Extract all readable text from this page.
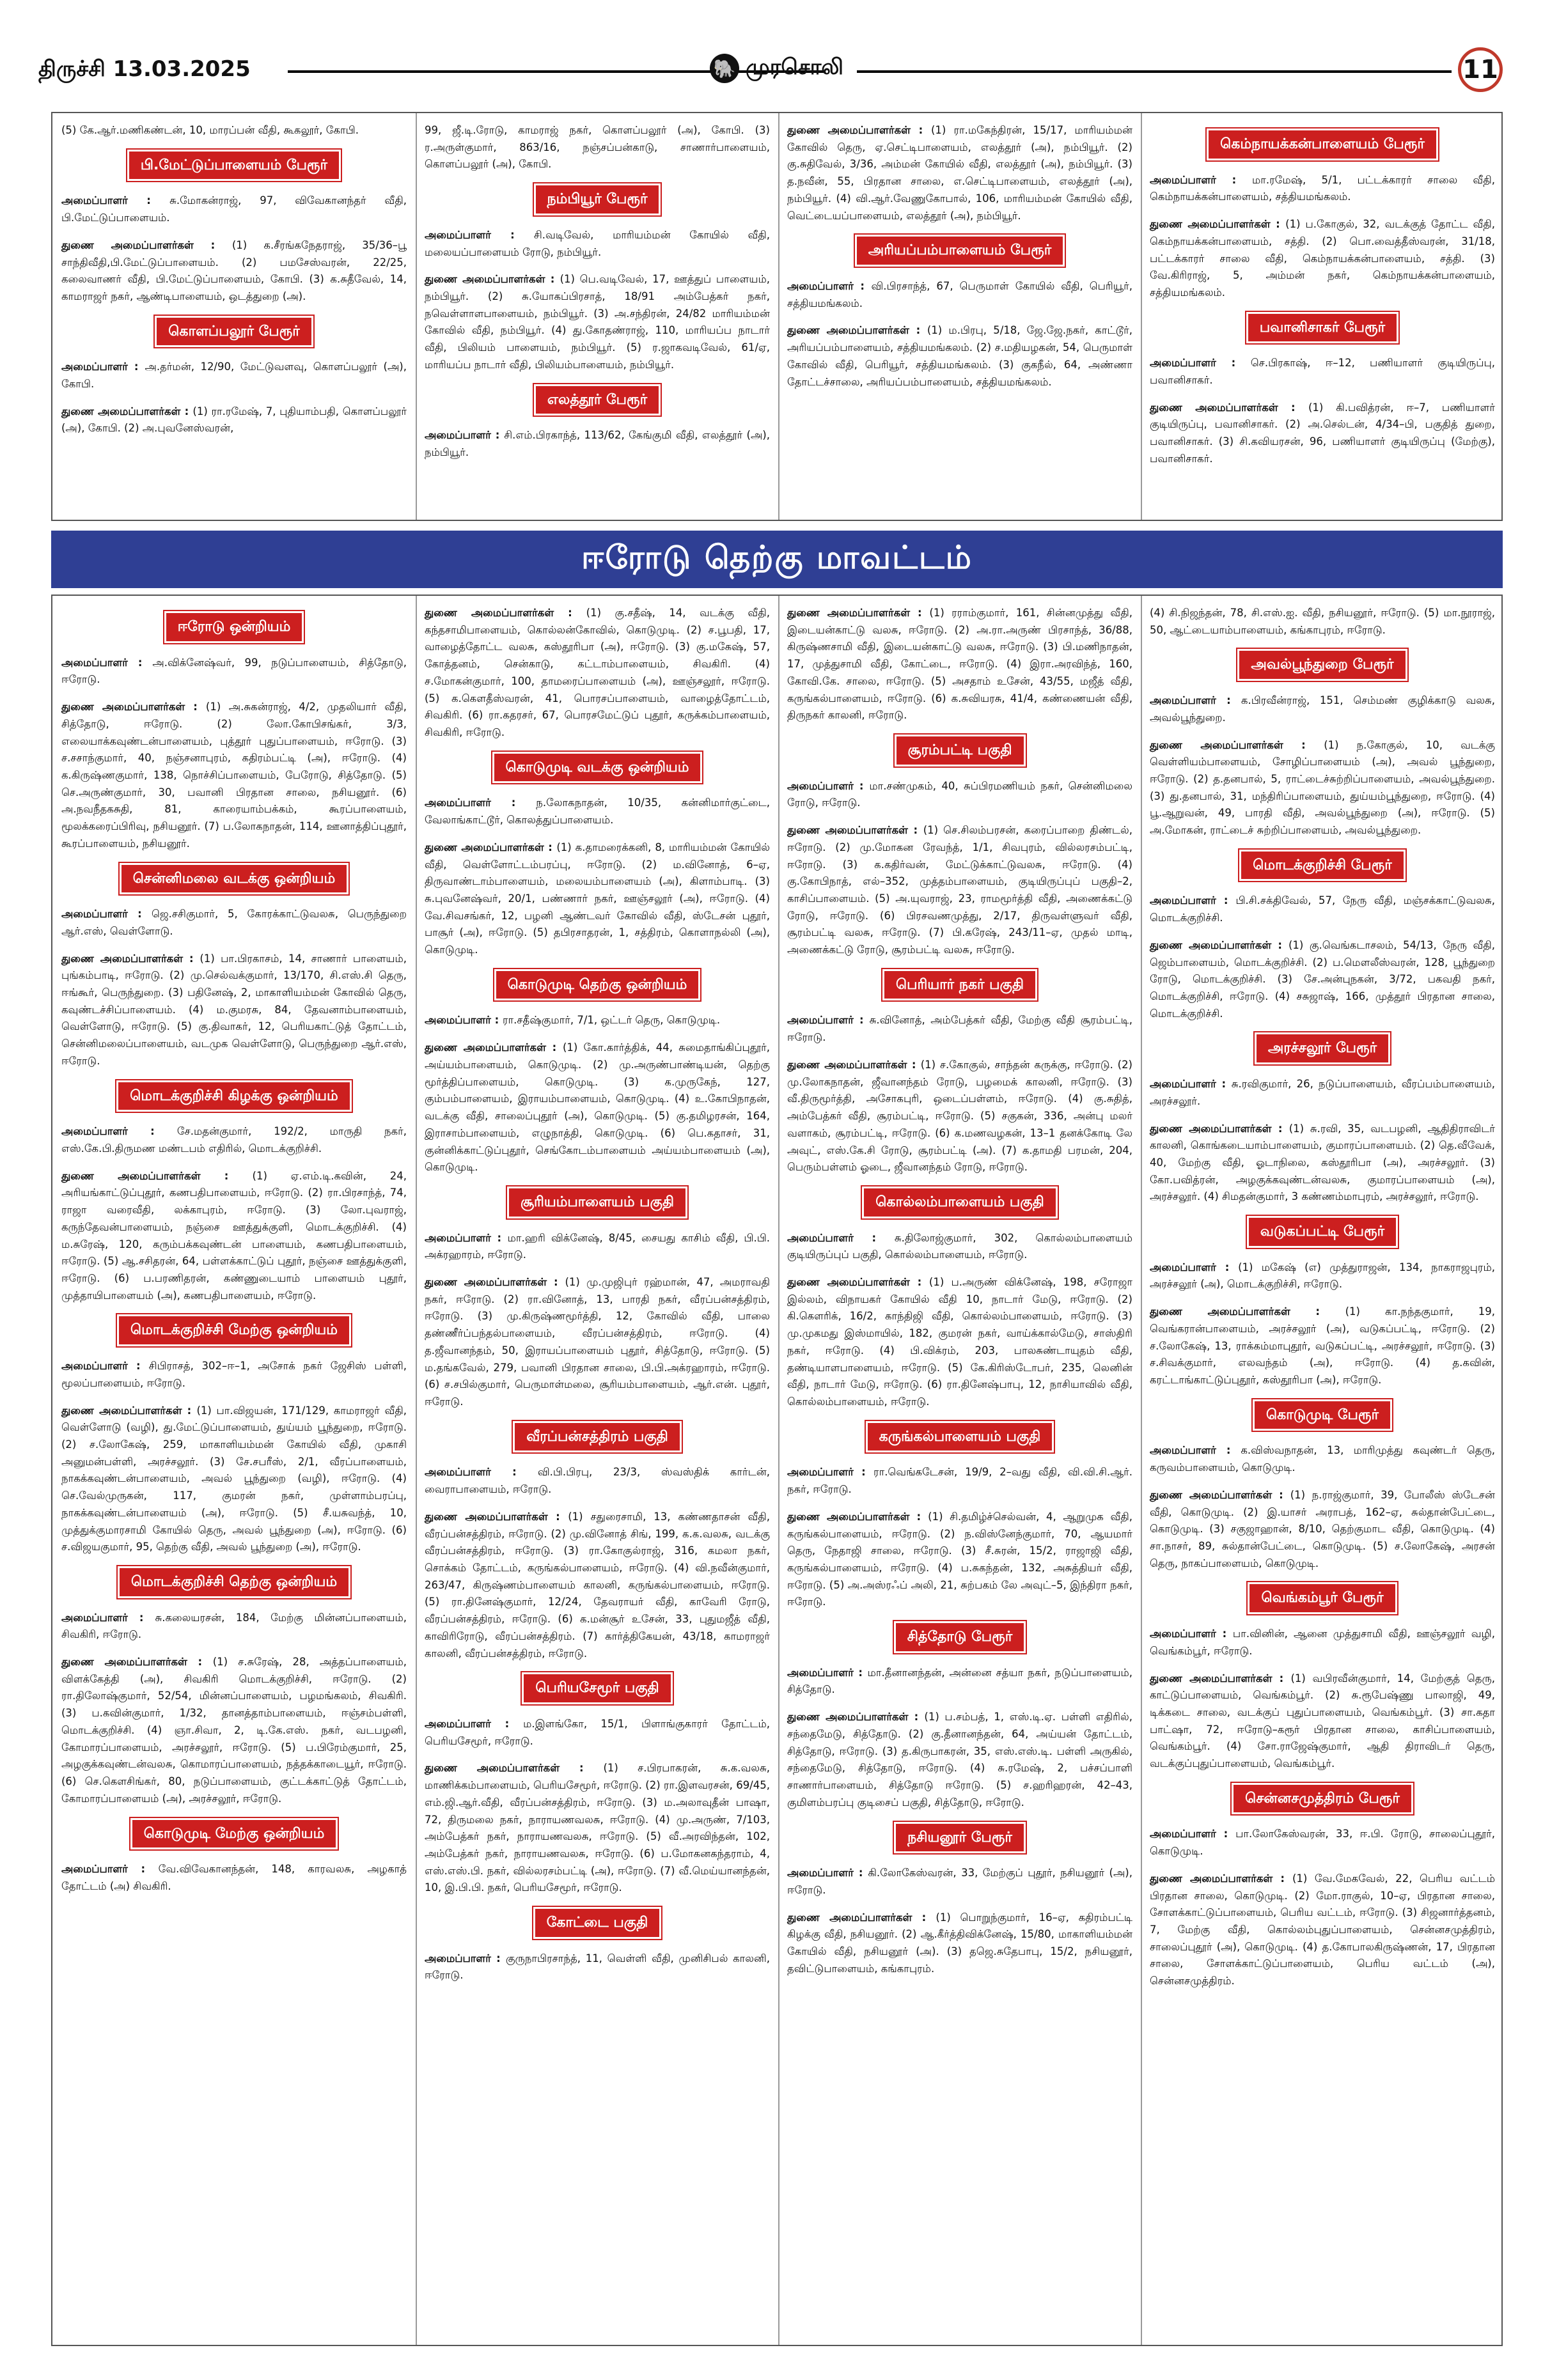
திருச்சி 13.03.2025	🐘 முரசொலி	11

(5) கே.ஆர்.மணிகண்டன், 10, மாரப்பன் வீதி, கூகலூர், கோபி.

பி.மேட்டுப்பாளையம் பேரூர்

அமைப்பாளர் : சு.மோகன்ராஜ், 97, விவேகானந்தர் வீதி, பி.மேட்டுப்பாளையம்.

துணை அமைப்பாளர்கள் : (1) க.சீரங்கநேதராஜ், 35/36–பூ சாந்திவீதி,பி.மேட்டுப்பாளையம். (2) பமசேஸ்வரன், 22/25, கலைவாணர் வீதி, பி.மேட்டுப்பாளையம், கோபி. (3) க.சுதீவேல், 14, காமராஜர் நகர், ஆண்டிபாளையம், ஒடத்துறை (அ).

கொளப்பலூர் பேரூர்

அமைப்பாளர் : அ.தர்மன், 12/90, மேட்டுவளவு, கொளப்பலூர் (அ), கோபி.

துணை அமைப்பாளர்கள் : (1) ரா.ரமேஷ், 7, புதியாம்பதி, கொளப்பலூர் (அ), கோபி. (2) அ.புவனேஸ்வரன்,

99, ஜீ.டி.ரோடு, காமராஜ் நகர், கொளப்பலூர் (அ), கோபி. (3) ர.அருள்குமார், 863/16, நஞ்சப்பன்காடு, சாணார்பாளையம், கொளப்பலூர் (அ), கோபி.

நம்பியூர் பேரூர்

அமைப்பாளர் : சி.வடிவேல், மாரியம்மன் கோயில் வீதி, மலையப்பாளையம் ரோடு, நம்பியூர்.

துணை அமைப்பாளர்கள் : (1) பெ.வடிவேல், 17, ஊத்துப் பாளையம், நம்பியூர். (2) சு.யோகப்பிரசாத், 18/91 அம்பேத்கர் நகர், நவெள்ளாளபாளையம், நம்பியூர். (3) அ.சந்திரன், 24/82 மாரியம்மன் கோவில் வீதி, நம்பியூர். (4) து.கோதண்ராஜ், 110, மாரியப்ப நாடார் வீதி, பிலியம் பாளையம், நம்பியூர். (5) ர.ஜாகவடிவேல், 61/ஏ, மாரியப்ப நாடார் வீதி, பிலியம்பாளையம், நம்பியூர்.

எலத்தூர் பேரூர்

அமைப்பாளர் : சி.எம்.பிரகாந்த், 113/62, கேங்குமி வீதி, எலத்தூர் (அ), நம்பியூர்.

துணை அமைப்பாளர்கள் : (1) ரா.மகேந்திரன், 15/17, மாரியம்மன் கோவில் தெரு, ஏ.செட்டிபாளையம், எலத்தூர் (அ), நம்பியூர். (2) கு.சுதிவேல், 3/36, அம்மன் கோயில் வீதி, எலத்தூர் (அ), நம்பியூர். (3) த.நவீன், 55, பிரதான சாலை, எ.செட்டிபாளையம், எலத்தூர் (அ), நம்பியூர். (4) வி.ஆர்.வேணுகோபால், 106, மாரியம்மன் கோயில் வீதி, வெட்டையப்பாளையம், எலத்தூர் (அ), நம்பியூர்.

அரியப்பம்பாளையம் பேரூர்

அமைப்பாளர் : வி.பிரசாந்த், 67, பெருமாள் கோயில் வீதி, பெரியூர், சத்தியமங்கலம்.

துணை அமைப்பாளர்கள் : (1) ம.பிரபு, 5/18, ஜே.ஜே.நகர், காட்டூர், அரியப்பம்பாளையம், சத்தியமங்கலம். (2) ச.மதியழகன், 54, பெருமாள் கோவில் வீதி, பெரியூர், சத்தியமங்கலம். (3) குகநீல், 64, அண்ணா தோட்டச்சாலை, அரியப்பம்பாளையம், சத்தியமங்கலம்.

கெம்நாயக்கன்பாளையம் பேரூர்

அமைப்பாளர் : மா.ரமேஷ், 5/1, பட்டக்காரர் சாலை வீதி, கெம்நாயக்கன்பாளையம், சத்தியமங்கலம்.

துணை அமைப்பாளர்கள் : (1) ப.கோகுல், 32, வடக்குத் தோட்ட வீதி, கெம்நாயக்கன்பாளையம், சத்தி. (2) பொ.வைத்தீஸ்வரன், 31/18, பட்டக்காரர் சாலை வீதி, கெம்நாயக்கன்பாளையம், சத்தி. (3) வே.கிரிராஜ், 5, அம்மன் நகர், கெம்நாயக்கன்பாளையம், சத்தியமங்கலம்.

பவானிசாகர் பேரூர்

அமைப்பாளர் : செ.பிரகாஷ், ஈ–12, பணியாளர் குடியிருப்பு, பவானிசாகர்.

துணை அமைப்பாளர்கள் : (1) கி.பவித்ரன், ஈ–7, பணியாளர் குடியிருப்பு, பவானிசாகர். (2) அ.செல்டன், 4/34–பி, பகுதித் துறை, பவானிசாகர். (3) சி.கவியரசன், 96, பணியாளர் குடியிருப்பு (மேற்கு), பவானிசாகர்.

ஈரோடு தெற்கு மாவட்டம்
ஈரோடு ஒன்றியம்

அமைப்பாளர் : அ.விக்னேஷ்வர், 99, நடுப்பாளையம், சித்தோடு, ஈரோடு.

துணை அமைப்பாளர்கள் : (1) அ.சுகன்ராஜ், 4/2, முதலியார் வீதி, சித்தோடு, ஈரோடு. (2) லோ.கோபிசங்கர், 3/3, எலையாக்கவுண்டன்பாளையம், புத்தூர் புதுப்பாளையம், ஈரோடு. (3) ச.சசாந்குமார், 40, நஞ்சனாபுரம், கதிரம்பட்டி (அ), ஈரோடு. (4) க.கிருஷ்ணகுமார், 138, நொச்சிப்பாளையம், பேரோடு, சித்தோடு. (5) செ.அருண்குமார், 30, பவானி பிரதான சாலை, நசியனூர். (6) அ.நவநீதகசுதி, 81, காரையாம்பக்கம், கூரப்பாளையம், மூலக்கரைப்பிரிவு, நசியனூர். (7) ப.லோகநாதன், 114, ஊனாத்திப்புதூர், கூரப்பாளையம், நசியனூர்.

சென்னிமலை வடக்கு ஒன்றியம்

அமைப்பாளர் : ஜெ.சசிகுமார், 5, கோரக்காட்டுவலசு, பெருந்துறை ஆர்.எஸ், வெள்ளோடு.

துணை அமைப்பாளர்கள் : (1) பா.பிரகாசம், 14, சாணார் பாளையம், புங்கம்பாடி, ஈரோடு. (2) மு.செல்வக்குமார், 13/170, சி.எஸ்.சி தெரு, ஈங்கூர், பெருந்துறை. (3) பதினேஷ், 2, மாகாளியம்மன் கோவில் தெரு, கவுண்டச்சிப்பாளையம். (4) ம.குமரசு, 84, தேவனாம்பாளையம், வெள்ளோடு, ஈரோடு. (5) கு.திவாகர், 12, பெரியகாட்டுத் தோட்டம், சென்னிமலைப்பாளையம், வடமுக வெள்ளோடு, பெருந்துறை ஆர்.எஸ், ஈரோடு.

மொடக்குறிச்சி கிழக்கு ஒன்றியம்

அமைப்பாளர் : சே.மதன்குமார், 192/2, மாருதி நகர், எஸ்.கே.பி.திருமண மண்டபம் எதிரில், மொடக்குறிச்சி.

துணை அமைப்பாளர்கள் : (1) ஏ.எம்.டி.கவின், 24, அரியங்காட்டுப்புதூர், கணபதிபாளையம், ஈரோடு. (2) ரா.பிரசாந்த், 74, ராஜா வரைவீதி, லக்காபுரம், ஈரோடு. (3) லோ.புவராஜ், கருந்தேவன்பாளையம், நஞ்சை ஊத்துக்குளி, மொடக்குறிச்சி. (4) ம.சுரேஷ், 120, கரும்பக்கவுண்டன் பாளையம், கணபதிபாளையம், ஈரோடு. (5) ஆ.சசிதரன், 64, பள்ளக்காட்டுப் புதூர், நஞ்சை ஊத்துக்குளி, ஈரோடு. (6) ப.பரணிதரன், கண்ணுடையாம் பாளையம் புதூர், முத்தாயிபாளையம் (அ), கணபதிபாளையம், ஈரோடு.

மொடக்குறிச்சி மேற்கு ஒன்றியம்

அமைப்பாளர் : சிபிராசத், 302–ஈ–1, அசோக் நகர் ஜேசிஸ் பள்ளி, மூலப்பாளையம், ஈரோடு.

துணை அமைப்பாளர்கள் : (1) பா.விஜயன், 171/129, காமராஜர் வீதி, வெள்ளோடு (வழி), து.மேட்டுப்பாளையம், துய்யம் பூந்துறை, ஈரோடு. (2) ச.லோகேஷ், 259, மாகாளியம்மன் கோயில் வீதி, முகாசி அனுமன்பள்ளி, அரச்சலூர். (3) சே.சபரீஸ், 2/1, வீரப்பாளையம், நாகக்கவுண்டன்பாளையம், அவல் பூந்துறை (வழி), ஈரோடு. (4) செ.வேல்முருகன், 117, குமரன் நகர், முள்ளாம்பரப்பு, நாகக்கவுண்டன்பாளையம் (அ), ஈரோடு. (5) சீ.யசுவந்த், 10, முத்துக்குமாரசாமி கோயில் தெரு, அவல் பூந்துறை (அ), ஈரோடு. (6) ச.விஜயகுமார், 95, தெற்கு வீதி, அவல் பூந்துறை (அ), ஈரோடு.

மொடக்குறிச்சி தெற்கு ஒன்றியம்

அமைப்பாளர் : சு.கலையரசன், 184, மேற்கு மின்னப்பாளையம், சிவகிரி, ஈரோடு.

துணை அமைப்பாளர்கள் : (1) ச.சுரேஷ், 28, அத்தப்பாளையம், விளக்கேத்தி (அ), சிவகிரி மொடக்குறிச்சி, ஈரோடு. (2) ரா.திலோஷ்குமார், 52/54, மின்னப்பாளையம், பழமங்கலம், சிவகிரி. (3) ப.கவின்குமார், 1/32, தானத்தாம்பாளையம், ஈஞ்சம்பள்ளி, மொடக்குறிச்சி. (4) ஞா.சிவா, 2, டி.கே.எஸ். நகர், வடபழனி, கோமாரப்பாளையம், அரச்சலூர், ஈரோடு. (5) ப.பிரேம்குமார், 25, அழகுக்கவுண்டன்வலசு, கொமாரப்பாளையம், நத்தக்காடையூர், ஈரோடு. (6) செ.கௌசிங்கர், 80, நடுப்பாளையம், குட்டக்காட்டுத் தோட்டம், கோமாரப்பாளையம் (அ), அரச்சலூர், ஈரோடு.

கொடுமுடி மேற்கு ஒன்றியம்

அமைப்பாளர் : வே.விவேகானந்தன், 148, காரவலசு, அழகாத் தோட்டம் (அ) சிவகிரி.

துணை அமைப்பாளர்கள் : (1) கு.சதீஷ், 14, வடக்கு வீதி, கந்தசாமிபாளையம், கொல்லன்கோவில், கொடுமுடி. (2) ச.பூபதி, 17, வாழைத்தோட்ட வலசு, கஸ்தூரிபா (அ), ஈரோடு. (3) கு.மகேஷ், 57, கோத்தனம், சென்காடு, கட்டாம்பாளையம், சிவகிரி. (4) ச.மோகன்குமார், 100, தாமரைப்பாளையம் (அ), ஊஞ்சலூர், ஈரோடு. (5) க.கௌதீஸ்வரன், 41, பொரசப்பாளையம், வாழைத்தோட்டம், சிவகிரி. (6) ரா.கதரசர், 67, பொரசமேட்டுப் புதூர், கருக்கம்பாளையம், சிவகிரி, ஈரோடு.

கொடுமுடி வடக்கு ஒன்றியம்

அமைப்பாளர் : ந.லோகநாதன், 10/35, கன்னிமார்குட்டை, வேலாங்காட்டூர், கொலத்துப்பாளையம்.

துணை அமைப்பாளர்கள் : (1) க.தாமரைக்கனி, 8, மாரியம்மன் கோயில் வீதி, வெள்ளோட்டம்பரப்பு, ஈரோடு. (2) ம.வினோத், 6–ஏ, திருவாண்டாம்பாளையம், மலையம்பாளையம் (அ), கிளாம்பாடி. (3) சு.புவனேஷ்வர், 20/1, பண்ணார் நகர், ஊஞ்சலூர் (அ), ஈரோடு. (4) வே.சிவசங்கர், 12, பழனி ஆண்டவர் கோவில் வீதி, ஸ்டேசன் புதூர், பாசூர் (அ), ஈரோடு. (5) தபிரசாதரன், 1, சத்திரம், கொளாநல்லி (அ), கொடுமுடி.

கொடுமுடி தெற்கு ஒன்றியம்

அமைப்பாளர் : ரா.சதீஷ்குமார், 7/1, ஒட்டர் தெரு, கொடுமுடி.

துணை அமைப்பாளர்கள் : (1) கோ.கார்த்திக், 44, சுமைதாங்கிப்புதூர், அய்யம்பாளையம், கொடுமுடி. (2) மு.அருண்பாண்டியன், தெற்கு மூர்த்திப்பாளையம், கொடுமுடி. (3) க.முருகேந், 127, கும்பம்பாளையம், இராயம்பாளையம், கொடுமுடி. (4) உ.கோபிநாதன், வடக்கு வீதி, சாலைப்புதூர் (அ), கொடுமுடி. (5) கு.தமிழரசன், 164, இராசாம்பாளையம், எழுநாத்தி, கொடுமுடி. (6) பெ.கதாசர், 31, குன்னிக்காட்டுப்புதூர், செங்கோடம்பாளையம் அய்யம்பாளையம் (அ), கொடுமுடி.

சூரியம்பாளையம் பகுதி

அமைப்பாளர் : மா.ஹரி விக்னேஷ், 8/45, சையது காசிம் வீதி, பி.பி. அக்ரஹாரம், ஈரோடு.

துணை அமைப்பாளர்கள் : (1) மு.முஜிபுர் ரஹ்மான், 47, அமராவதி நகர், ஈரோடு. (2) ரா.வினோத், 13, பாரதி நகர், வீரப்பன்சத்திரம், ஈரோடு. (3) மு.கிருஷ்ணமூர்த்தி, 12, கோவில் வீதி, பாலை தண்ணீர்ப்பந்தல்பாளையம், வீரப்பன்சத்திரம், ஈரோடு. (4) த.ஜீவானந்தம், 50, இராயப்பாளையம் புதூர், சித்தோடு, ஈரோடு. (5) ம.தங்கவேல், 279, பவானி பிரதான சாலை, பி.பி.அக்ரஹாரம், ஈரோடு. (6) ச.சபில்குமார், பெருமாள்மலை, சூரியம்பாளையம், ஆர்.என். புதூர், ஈரோடு.

வீரப்பன்சத்திரம் பகுதி

அமைப்பாளர் : வி.பி.பிரபு, 23/3, ஸ்வஸ்திக் கார்டன், வைராபாளையம், ஈரோடு.

துணை அமைப்பாளர்கள் : (1) சதுரைசாமி, 13, கண்ணதாசன் வீதி, வீரப்பன்சத்திரம், ஈரோடு. (2) மு.வினோத் சிங், 199, க.க.வலசு, வடக்கு வீரப்பன்சத்திரம், ஈரோடு. (3) ரா.கோகுல்ராஜ், 316, கமலா நகர், சொக்கம் தோட்டம், கருங்கல்பாளையம், ஈரோடு. (4) வி.நவீன்குமார், 263/47, கிருஷ்ணம்பாளையம் காலனி, கருங்கல்பாளையம், ஈரோடு. (5) ரா.தினேஷ்குமார், 12/24, தேவராயர் வீதி, காவேரி ரோடு, வீரப்பன்சத்திரம், ஈரோடு. (6) க.மன்சூர் உசேன், 33, புதுமஜீத் வீதி, காவிரிரோடு, வீரப்பன்சத்திரம். (7) கார்த்திகேயன், 43/18, காமராஜர் காலனி, வீரப்பன்சத்திரம், ஈரோடு.

பெரியசேமூர் பகுதி

அமைப்பாளர் : ம.இளங்கோ, 15/1, பிளாங்குகாரர் தோட்டம், பெரியசேமூர், ஈரோடு.

துணை அமைப்பாளர்கள் : (1) ச.பிரபாகரன், சு.க.வலசு, மாணிக்கம்பாளையம், பெரியசேமூர், ஈரோடு. (2) ரா.இளவரசன், 69/45, எம்.ஜி.ஆர்.வீதி, வீரப்பன்சத்திரம், ஈரோடு. (3) ம.அலாவுதீன் பாஷா, 72, திருமலை நகர், நாராயணவலசு, ஈரோடு. (4) மு.அருண், 7/103, அம்பேத்கர் நகர், நாராயணவலசு, ஈரோடு. (5) வீ.அரவிந்தன், 102, அம்பேத்கர் நகர், நாராயணவலசு, ஈரோடு. (6) ப.மோகனகந்தராம், 4, எஸ்.எஸ்.பி. நகர், வில்லரசம்பட்டி (அ), ஈரோடு. (7) வீ.மெய்யானந்தன், 10, இ.பி.பி. நகர், பெரியசேமூர், ஈரோடு.

கோட்டை பகுதி

அமைப்பாளர் : குருநாபிரசாந்த், 11, வெள்ளி வீதி, முனிசிபல் காலனி, ஈரோடு.

துணை அமைப்பாளர்கள் : (1) ரராம்குமார், 161, சின்னமுத்து வீதி, இடையன்காட்டு வலசு, ஈரோடு. (2) அ.ரா.அருண் பிரசாந்த், 36/88, கிருஷ்ணசாமி வீதி, இடையன்காட்டு வலசு, ஈரோடு. (3) பி.மணிநாதன், 17, முத்துசாமி வீதி, கோட்டை, ஈரோடு. (4) இரா.அரவிந்த், 160, கோவி.கே. சாலை, ஈரோடு. (5) அசதாம் உசேன், 43/55, மஜீத் வீதி, கருங்கல்பாளையம், ஈரோடு. (6) க.சுவியரசு, 41/4, கண்ணையன் வீதி, திருநகர் காலனி, ஈரோடு.

சூரம்பட்டி பகுதி

அமைப்பாளர் : மா.சண்முகம், 40, சுப்பிரமணியம் நகர், சென்னிமலை ரோடு, ஈரோடு.

துணை அமைப்பாளர்கள் : (1) செ.சிலம்பரசன், கரைப்பாறை திண்டல், ஈரோடு. (2) மு.மோகன ரேவந்த், 1/1, சிவபுரம், வில்லரசம்பட்டி, ஈரோடு. (3) க.கதிர்வன், மேட்டுக்காட்டுவலசு, ஈரோடு. (4) கு.கோபிநாத், எல்–352, முத்தம்பாளையம், குடியிருப்புப் பகுதி–2, காசிப்பாளையம். (5) அ.யுவராஜ், 23, ராமமூர்த்தி வீதி, அணைக்கட்டு ரோடு, ஈரோடு. (6) பிரசவணமுத்து, 2/17, திருவள்ளுவர் வீதி, சூரம்பட்டி வலசு, ஈரோடு. (7) பி.கரேஷ், 243/11–ஏ, முதல் மாடி, அணைக்கட்டு ரோடு, சூரம்பட்டி வலசு, ஈரோடு.

பெரியார் நகர் பகுதி

அமைப்பாளர் : சு.வினோத், அம்பேத்கர் வீதி, மேற்கு வீதி சூரம்பட்டி, ஈரோடு.

துணை அமைப்பாளர்கள் : (1) ச.கோகுல், சாந்தன் கருக்கு, ஈரோடு. (2) மு.லோகநாதன், ஜீவானந்தம் ரோடு, பழமைக் காலனி, ஈரோடு. (3) வீ.திருமூர்த்தி, அசோகபுரி, ஒடைப்பள்ளம், ஈரோடு. (4) கு.சுதித், அம்பேத்கர் வீதி, சூரம்பட்டி, ஈரோடு. (5) சகுகன், 336, அன்பு மலர் வளாகம், சூரம்பட்டி, ஈரோடு. (6) க.மணவழகன், 13–1 தனக்கோடி லே அவுட், எஸ்.கே.சி ரோடு, சூரம்பட்டி (அ). (7) க.தாமதி பரமன், 204, பெரும்பள்ளம் ஓடை, ஜீவானந்தம் ரோடு, ஈரோடு.

கொல்லம்பாளையம் பகுதி

அமைப்பாளர் : சு.திலோஜ்குமார், 302, கொல்லம்பாளையம் குடியிருப்புப் பகுதி, கொல்லம்பாளையம், ஈரோடு.

துணை அமைப்பாளர்கள் : (1) ப.அருண் விக்னேஷ், 198, சரோஜா இல்லம், விநாயகர் கோயில் வீதி 10, நாடார் மேடு, ஈரோடு. (2) கி.கௌரிக், 16/2, காந்திஜி வீதி, கொல்லம்பாளையம், ஈரோடு. (3) மு.முகமது இஸ்மாயில், 182, குமரன் நகர், வாய்க்கால்மேடு, சாஸ்திரி நகர், ஈரோடு. (4) பி.விக்ரம், 203, பாலசுண்டாயுதம் வீதி, தண்டியாளபாளையம், ஈரோடு. (5) கே.கிரிஸ்டோபர், 235, லெனின் வீதி, நாடார் மேடு, ஈரோடு. (6) ரா.தினேஷ்பாபு, 12, நாசியாவில் வீதி, கொல்லம்பாளையம், ஈரோடு.

கருங்கல்பாளையம் பகுதி

அமைப்பாளர் : ரா.வெங்கடேசன், 19/9, 2–வது வீதி, வி.வி.சி.ஆர். நகர், ஈரோடு.

துணை அமைப்பாளர்கள் : (1) சி.தமிழ்ச்செல்வன், 4, ஆறுமுக வீதி, கருங்கல்பாளையம், ஈரோடு. (2) ந.விஸ்னேந்குமார், 70, ஆயமார் தெரு, நேதாஜி சாலை, ஈரோடு. (3) சீ.சுரன், 15/2, ராஜாஜி வீதி, கருங்கல்பாளையம், ஈரோடு. (4) ப.சுகந்தன், 132, அசுத்தியர் வீதி, ஈரோடு. (5) அ.அஸ்ரஃப் அலி, 21, சுற்பகம் லே அவுட்–5, இந்திரா நகர், ஈரோடு.

சித்தோடு பேரூர்

அமைப்பாளர் : மா.தீனானந்தன், அன்னை சத்யா நகர், நடுப்பாளையம், சித்தோடு.

துணை அமைப்பாளர்கள் : (1) ப.சம்பத், 1, எஸ்.டி.ஏ. பள்ளி எதிரில், சந்தைமேடு, சித்தோடு. (2) கு.தீனானந்தன், 64, அய்யன் தோட்டம், சித்தோடு, ஈரோடு. (3) த.கிருபாகரன், 35, எஸ்.எஸ்.டி. பள்ளி அருகில், சந்தைமேடு, சித்தோடு, ஈரோடு. (4) சு.ரமேஷ், 2, பச்சப்பாளி சாணார்பாளையம், சித்தோடு ஈரோடு. (5) ச.ஹரிஹரன், 42–43, குமிளம்பரப்பு குடிசைப் பகுதி, சித்தோடு, ஈரோடு.

நசியனூர் பேரூர்

அமைப்பாளர் : கி.லோகேஸ்வரன், 33, மேற்குப் புதூர், நசியனூர் (அ), ஈரோடு.

துணை அமைப்பாளர்கள் : (1) பொறுந்குமார், 16–ஏ, கதிரம்பட்டி கிழக்கு வீதி, நசியனூர். (2) ஆ.கீர்த்திவிக்னேஷ், 15/80, மாகாளியம்மன் கோயில் வீதி, நசியனூர் (அ). (3) தஜெ.சுதேபாபு, 15/2, நசியனூர், தவிட்டுபாளையம், கங்காபுரம்.

(4) சி.நிஜந்தன், 78, சி.எஸ்.ஐ. வீதி, நசியனூர், ஈரோடு. (5) மா.நூராஜ், 50, ஆட்டையாம்பாளையம், கங்காபுரம், ஈரோடு.

அவல்பூந்துறை பேரூர்

அமைப்பாளர் : க.பிரவீன்ராஜ், 151, செம்மண் குழிக்காடு வலசு, அவல்பூந்துறை.

துணை அமைப்பாளர்கள் : (1) ந.கோகுல், 10, வடக்கு வெள்ளியம்பாளையம், சோழிப்பாளையம் (அ), அவல் பூந்துறை, ஈரோடு. (2) த.தனபால், 5, ராட்டைச்சுற்றிப்பாளையம், அவல்பூந்துறை. (3) து.தனபால், 31, மந்திரிப்பாளையம், துய்யம்பூந்துறை, ஈரோடு. (4) பூ.ஆறுவன், 49, பாரதி வீதி, அவல்பூந்துறை (அ), ஈரோடு. (5) அ.மோகன், ராட்டைச் சுற்றிப்பாளையம், அவல்பூந்துறை.

மொடக்குறிச்சி பேரூர்

அமைப்பாளர் : பி.சி.சக்திவேல், 57, நேரு வீதி, மஞ்சக்காட்டுவலசு, மொடக்குறிச்சி.

துணை அமைப்பாளர்கள் : (1) கு.வெங்கடாசலம், 54/13, நேரு வீதி, ஜெம்பாளையம், மொடக்குறிச்சி. (2) ப.மெளலீஸ்வரன், 128, பூந்துறை ரோடு, மொடக்குறிச்சி. (3) சே.அன்புநகன், 3/72, பகவதி நகர், மொடக்குறிச்சி, ஈரோடு. (4) சசுஜாஷ், 166, முத்தூர் பிரதான சாலை, மொடக்குறிச்சி.

அரச்சலூர் பேரூர்

அமைப்பாளர் : சு.ரவிகுமார், 26, நடுப்பாளையம், வீரப்பம்பாளையம், அரச்சலூர்.

துணை அமைப்பாளர்கள் : (1) சு.ரவி, 35, வடபழனி, ஆதிதிராவிடர் காலனி, கொங்கடையாம்பாளையம், குமாரப்பாளையம். (2) தெ.வீவேக், 40, மேற்கு வீதி, ஓடாநிலை, கஸ்தூரிபா (அ), அரச்சலூர். (3) கோ.பவித்ரன், அழகுக்கவுண்டன்வலசு, குமாரப்பாளையம் (அ), அரச்சலூர். (4) சிமதன்குமார், 3 கண்ணம்மாபுரம், அரச்சலூர், ஈரோடு.

வடுகப்பட்டி பேரூர்

அமைப்பாளர் : (1) மகேஷ் (எ) முத்துராஜன், 134, நாகராஜபுரம், அரச்சலூர் (அ), மொடக்குறிச்சி, ஈரோடு.

துணை அமைப்பாளர்கள் : (1) கா.நந்தகுமார், 19, வெங்கரான்பாளையம், அரச்சலூர் (அ), வடுகப்பட்டி, ஈரோடு. (2) ச.லோகேஷ், 13, ராக்கம்மாபுதூர், வடுகப்பட்டி, அரச்சலூர், ஈரோடு. (3) ச.சிவக்குமார், எலவந்தம் (அ), ஈரோடு. (4) த.கவின், கரட்டாங்காட்டுப்புதூர், கஸ்தூரிபா (அ), ஈரோடு.

கொடுமுடி பேரூர்

அமைப்பாளர் : க.விஸ்வநாதன், 13, மாரிமுத்து கவுண்டர் தெரு, கருவம்பாளையம், கொடுமுடி.

துணை அமைப்பாளர்கள் : (1) ந.ராஜ்குமார், 39, போலீஸ் ஸ்டேசன் வீதி, கொடுமுடி. (2) இ.யாசர் அராபத், 162–ஏ, சுல்தான்பேட்டை, கொடுமுடி. (3) சகுஜாஹான், 8/10, தெற்குமாட வீதி, கொடுமுடி. (4) சா.நாசர், 89, சுல்தான்பேட்டை, கொடுமுடி. (5) ச.லோகேஷ், அரசன் தெரு, நாகப்பாளையம், கொடுமுடி.

வெங்கம்பூர் பேரூர்

அமைப்பாளர் : பா.வினின், ஆனை முத்துசாமி வீதி, ஊஞ்சலூர் வழி, வெங்கம்பூர், ஈரோடு.

துணை அமைப்பாளர்கள் : (1) வபிரவீன்குமார், 14, மேற்குத் தெரு, காட்டுப்பாளையம், வெங்கம்பூர். (2) சு.ரூபேஷ்ணு பாலாஜி, 49, டிக்கடை சாலை, வடக்குப் புதுப்பாளையம், வெங்கம்பூர். (3) சா.கதா பாட்ஷா, 72, ஈரோடு–கரூர் பிரதான சாலை, காசிப்பாளையம், வெங்கம்பூர். (4) சோ.ராஜேஷ்குமார், ஆதி திராவிடர் தெரு, வடக்குப்புதுப்பாளையம், வெங்கம்பூர்.

சென்னசமுத்திரம் பேரூர்

அமைப்பாளர் : பா.லோகேஸ்வரன், 33, ஈ.பி. ரோடு, சாலைப்புதூர், கொடுமுடி.

துணை அமைப்பாளர்கள் : (1) வே.மேகவேல், 22, பெரிய வட்டம் பிரதான சாலை, கொடுமுடி. (2) மோ.ராகுல், 10–ஏ, பிரதான சாலை, சோளக்காட்டுப்பாளையம், பெரிய வட்டம், ஈரோடு. (3) சிஜனார்த்தனம், 7, மேற்கு வீதி, கொல்லம்புதுப்பாளையம், சென்னசமுத்திரம், சாலைப்புதூர் (அ), கொடுமுடி. (4) த.கோபாலகிருஷ்ணன், 17, பிரதான சாலை, சோளக்காட்டுப்பாளையம், பெரிய வட்டம் (அ), சென்னசமுத்திரம்.
